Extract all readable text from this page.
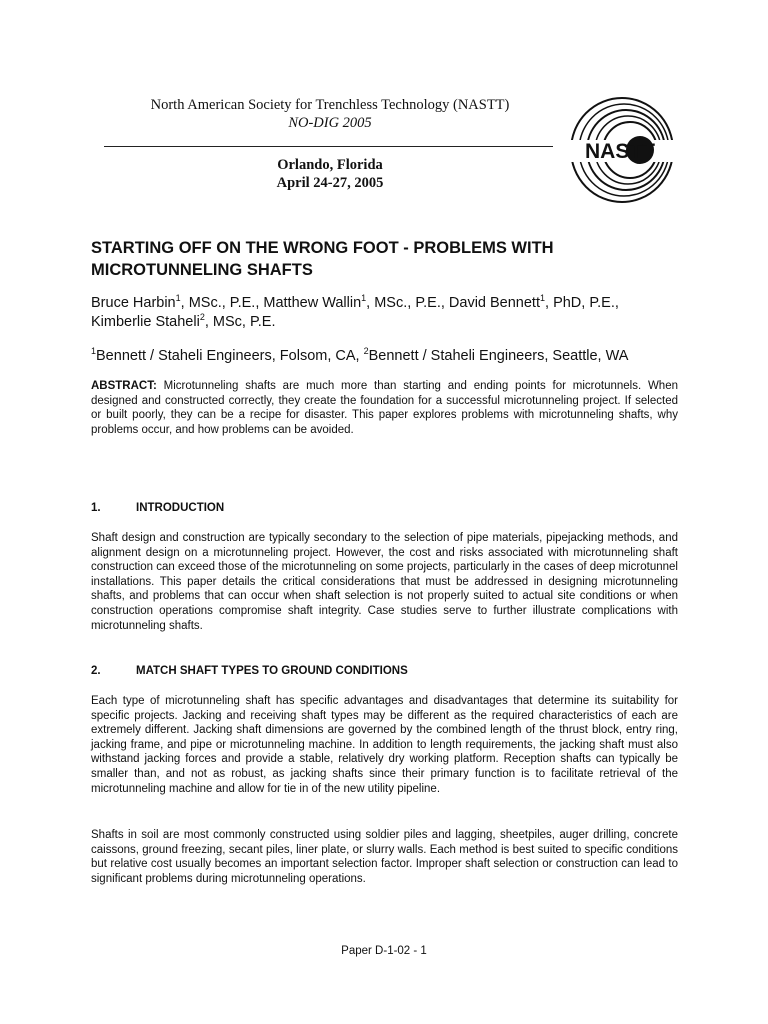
North American Society for Trenchless Technology (NASTT)
NO-DIG 2005
Orlando, Florida
April 24-27, 2005
NASTT
STARTING OFF ON THE WRONG FOOT - PROBLEMS WITH
MICROTUNNELING SHAFTS
Bruce Harbin$^1$, MSc., P.E., Matthew Wallin$^1$, MSc., P.E., David Bennett$^1$, PhD, P.E.,
Kimberlie Staheli$^2$, MSc, P.E.
$^1$Bennett / Staheli Engineers, Folsom, CA, $^2$Bennett / Staheli Engineers, Seattle, WA

ABSTRACT: Microtunneling shafts are much more than starting and ending points for microtunnels. When designed and constructed correctly, they create the foundation for a successful microtunneling project. If selected or built poorly, they can be a recipe for disaster. This paper explores problems with microtunneling shafts, why problems occur, and how problems can be avoided.

1.	INTRODUCTION

Shaft design and construction are typically secondary to the selection of pipe materials, pipejacking methods, and alignment design on a microtunneling project. However, the cost and risks associated with microtunneling shaft construction can exceed those of the microtunneling on some projects, particularly in the cases of deep microtunnel installations. This paper details the critical considerations that must be addressed in designing microtunneling shafts, and problems that can occur when shaft selection is not properly suited to actual site conditions or when construction operations compromise shaft integrity. Case studies serve to further illustrate complications with microtunneling shafts.

2.	MATCH SHAFT TYPES TO GROUND CONDITIONS

Each type of microtunneling shaft has specific advantages and disadvantages that determine its suitability for specific projects. Jacking and receiving shaft types may be different as the required characteristics of each are extremely different. Jacking shaft dimensions are governed by the combined length of the thrust block, entry ring, jacking frame, and pipe or microtunneling machine. In addition to length requirements, the jacking shaft must also withstand jacking forces and provide a stable, relatively dry working platform. Reception shafts can typically be smaller than, and not as robust, as jacking shafts since their primary function is to facilitate retrieval of the microtunneling machine and allow for tie in of the new utility pipeline.

Shafts in soil are most commonly constructed using soldier piles and lagging, sheetpiles, auger drilling, concrete caissons, ground freezing, secant piles, liner plate, or slurry walls. Each method is best suited to specific conditions but relative cost usually becomes an important selection factor. Improper shaft selection or construction can lead to significant problems during microtunneling operations.

Paper D-1-02 - 1
